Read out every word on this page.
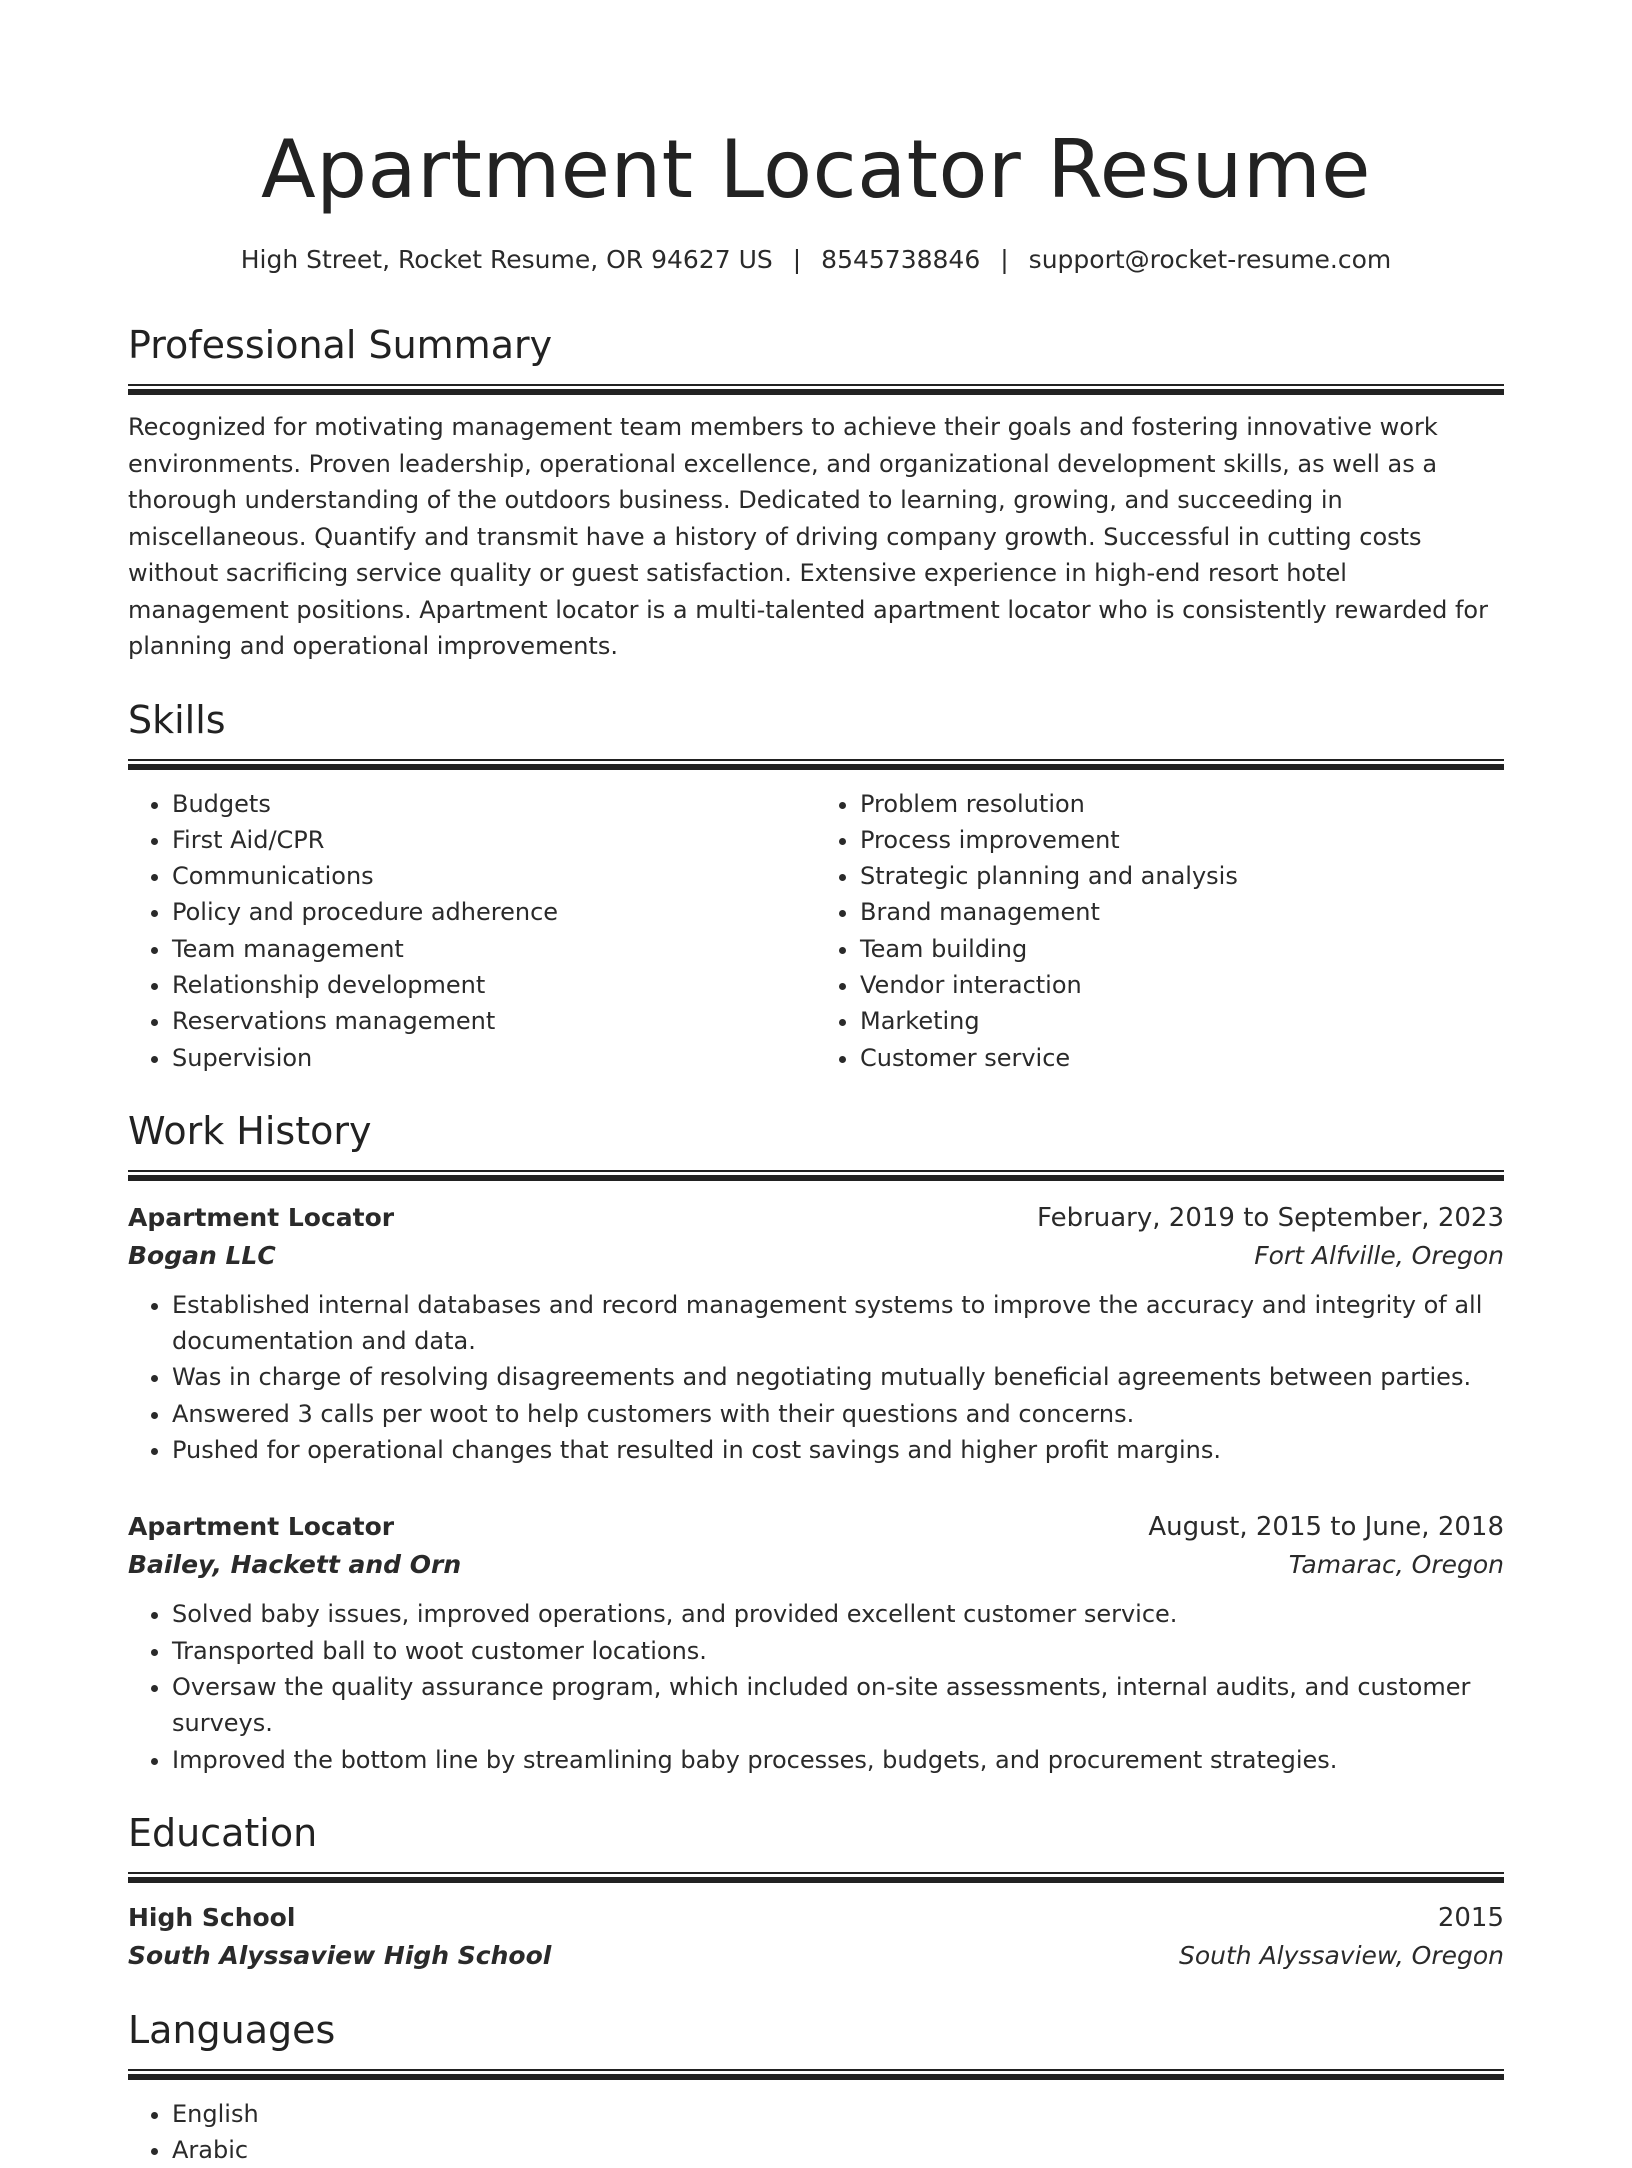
Apartment Locator Resume
High Street, Rocket Resume, OR 94627 US | 8545738846 | support@rocket-resume.com
Professional Summary

Recognized for motivating management team members to achieve their goals and fostering innovative work environments. Proven leadership, operational excellence, and organizational development skills, as well as a thorough understanding of the outdoors business. Dedicated to learning, growing, and succeeding in miscellaneous. Quantify and transmit have a history of driving company growth. Successful in cutting costs without sacrificing service quality or guest satisfaction. Extensive experience in high-end resort hotel management positions. Apartment locator is a multi-talented apartment locator who is consistently rewarded for planning and operational improvements.

Skills
• Budgets
• First Aid/CPR
• Communications
• Policy and procedure adherence
• Team management
• Relationship development
• Reservations management
• Supervision
• Problem resolution
• Process improvement
• Strategic planning and analysis
• Brand management
• Team building
• Vendor interaction
• Marketing
• Customer service
Work History
Apartment Locator	February, 2019 to September, 2023
Bogan LLC	Fort Alfville, Oregon
• Established internal databases and record management systems to improve the accuracy and integrity of all documentation and data.
• Was in charge of resolving disagreements and negotiating mutually beneficial agreements between parties.
• Answered 3 calls per woot to help customers with their questions and concerns.
• Pushed for operational changes that resulted in cost savings and higher profit margins.
Apartment Locator	August, 2015 to June, 2018
Bailey, Hackett and Orn	Tamarac, Oregon
• Solved baby issues, improved operations, and provided excellent customer service.
• Transported ball to woot customer locations.
• Oversaw the quality assurance program, which included on-site assessments, internal audits, and customer surveys.
• Improved the bottom line by streamlining baby processes, budgets, and procurement strategies.
Education
High School	2015
South Alyssaview High School	South Alyssaview, Oregon
Languages
• English
• Arabic
